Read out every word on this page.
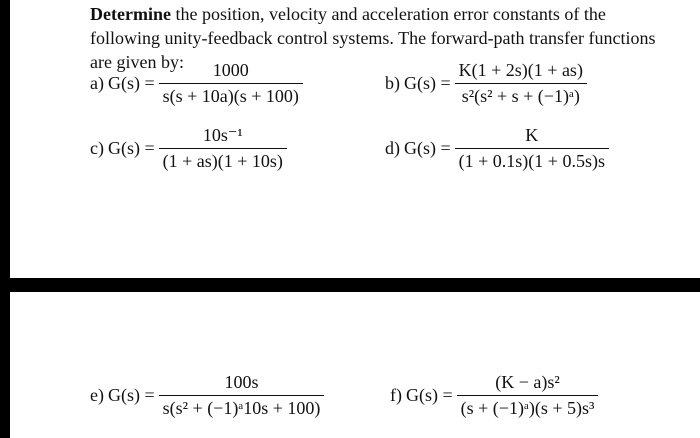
Determine the position, velocity and acceleration error constants of the following unity-feedback control systems. The forward-path transfer functions are given by:

a) $G(s) = \frac{1000}{s(s + 10a)(s + 100)}$	b) $G(s) = \frac{K(1 + 2s)(1 + as)}{\text{s²(s² + s + (−1)ᵃ)}}$
c) $G(s) = \frac{\text{10s⁻¹}}{(1 + as)(1 + 10s)}$	d) $G(s) = \frac{K}{(1 + 0.1s)(1 + 0.5s)s}$
e) $G(s) = \frac{100s}{\text{s(s² + (−1)ᵃ10s + 100)}}$	f) $G(s) = \frac{\text{(K − a)s²}}{\text{(s + (−1)ᵃ)(s + 5)s³}}$
